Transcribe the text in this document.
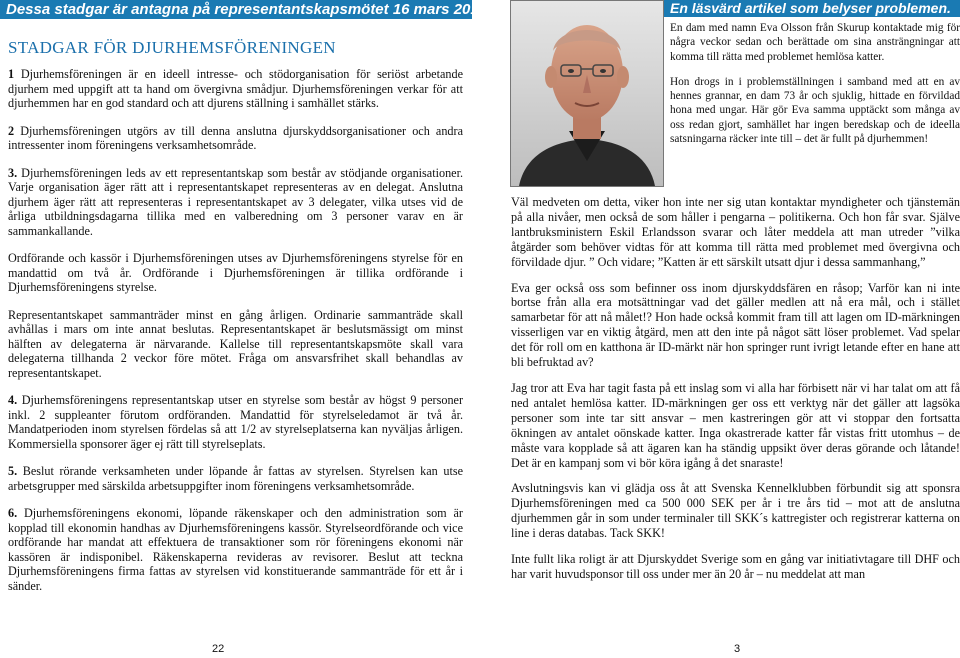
Dessa stadgar är antagna på representantskapsmötet 16 mars 2011.
STADGAR FÖR DJURHEMSFÖRENINGEN

1 Djurhemsföreningen är en ideell intresse- och stödorganisation för seriöst arbetande djurhem med uppgift att ta hand om övergivna smådjur. Djurhemsföreningen verkar för att djurhemmen har en god standard och att djurens ställning i samhället stärks.

2 Djurhemsföreningen utgörs av till denna anslutna djurskyddsorganisationer och andra intressenter inom föreningens verksamhetsområde.

3. Djurhemsföreningen leds av ett representantskap som består av stödjande organisationer. Varje organisation äger rätt att i representantskapet representeras av en delegat. Anslutna djurhem äger rätt att representeras i representantskapet av 3 delegater, vilka utses vid de årliga utbildningsdagarna tillika med en valberedning om 3 personer varav en är sammankallande.

Ordförande och kassör i Djurhemsföreningen utses av Djurhemsföreningens styrelse för en mandattid om två år. Ordförande i Djurhemsföreningen är tillika ordförande i Djurhemsföreningens styrelse.

Representantskapet sammanträder minst en gång årligen. Ordinarie sammanträde skall avhållas i mars om inte annat beslutas. Representantskapet är beslutsmässigt om minst hälften av delegaterna är närvarande. Kallelse till representantskapsmöte skall vara delegaterna tillhanda 2 veckor före mötet. Fråga om ansvarsfrihet skall behandlas av representantskapet.

4. Djurhemsföreningens representantskap utser en styrelse som består av högst 9 personer inkl. 2 suppleanter förutom ordföranden. Mandattid för styrelseledamot är två år. Mandatperioden inom styrelsen fördelas så att 1/2 av styrelseplatserna kan nyväljas årligen. Kommersiella sponsorer äger ej rätt till styrelseplats.

5. Beslut rörande verksamheten under löpande år fattas av styrelsen. Styrelsen kan utse arbetsgrupper med särskilda arbetsuppgifter inom föreningens verksamhetsområde.

6. Djurhemsföreningens ekonomi, löpande räkenskaper och den administration som är kopplad till ekonomin handhas av Djurhemsföreningens kassör. Styrelseordförande och vice ordförande har mandat att effektuera de transaktioner som rör föreningens ekonomi när kassören är indisponibel. Räkenskaperna revideras av revisorer. Beslut att teckna Djurhemsföreningens firma fattas av styrelsen vid konstituerande sammanträde för ett år i sänder.

22
En läsvärd artikel som belyser problemen.

En dam med namn Eva Olsson från Skurup kontaktade mig för några veckor sedan och berättade om sina ansträngningar att komma till rätta med problemet hemlösa katter.

Hon drogs in i problemställningen i samband med att en av hennes grannar, en dam 73 år och sjuklig, hittade en förvildad hona med ungar. Här gör Eva samma upptäckt som många av oss redan gjort, samhället har ingen beredskap och de ideella satsningarna räcker inte till – det är fullt på djurhemmen!

Väl medveten om detta, viker hon inte ner sig utan kontaktar myndigheter och tjänstemän på alla nivåer, men också de som håller i pengarna – politikerna. Och hon får svar. Själve lantbruksministern Eskil Erlandsson svarar och låter meddela att man utreder ”vilka åtgärder som behöver vidtas för att komma till rätta med problemet med övergivna och förvildade djur. ” Och vidare; ”Katten är ett särskilt utsatt djur i dessa sammanhang,”

Eva ger också oss som befinner oss inom djurskyddsfären en råsop; Varför kan ni inte bortse från alla era motsättningar vad det gäller medlen att nå era mål, och i stället samarbetar för att nå målet!? Hon hade också kommit fram till att lagen om ID-märkningen visserligen var en viktig åtgärd, men att den inte på något sätt löser problemet. Vad spelar det för roll om en katthona är ID-märkt när hon springer runt ivrigt letande efter en hane att bli befruktad av?

Jag tror att Eva har tagit fasta på ett inslag som vi alla har förbisett när vi har talat om att få ned antalet hemlösa katter. ID-märkningen ger oss ett verktyg när det gäller att lagsöka personer som inte tar sitt ansvar – men kastreringen gör att vi stoppar den fortsatta ökningen av antalet oönskade katter. Inga okastrerade katter får vistas fritt utomhus – de måste vara kopplade så att ägaren kan ha ständig uppsikt över deras görande och låtande! Det är en kampanj som vi bör köra igång å det snaraste!

Avslutningsvis kan vi glädja oss åt att Svenska Kennelklubben förbundit sig att sponsra Djurhemsföreningen med ca 500 000 SEK per år i tre års tid – mot att de anslutna djurhemmen går in som under terminaler till SKK´s kattregister och registrerar katterna on line i deras databas. Tack SKK!

Inte fullt lika roligt är att Djurskyddet Sverige som en gång var initiativtagare till DHF och har varit huvudsponsor till oss under mer än 20 år – nu meddelat att man

3
